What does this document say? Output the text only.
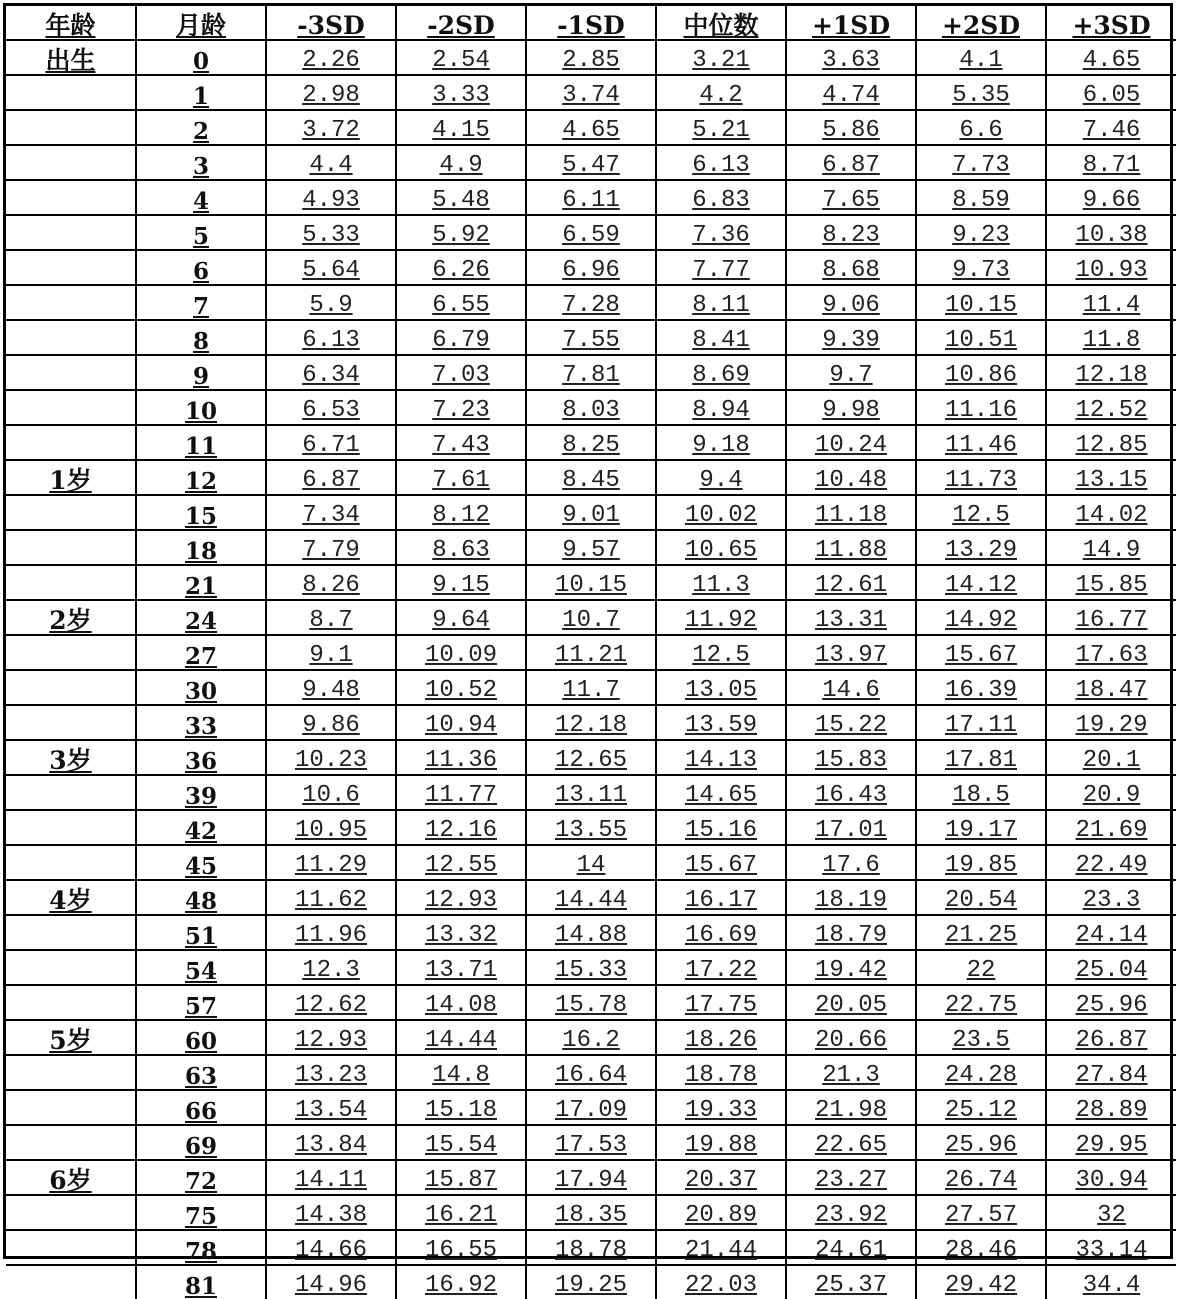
年龄	月龄	-3SD	-2SD	-1SD	中位数	+1SD	+2SD	+3SD
出生	0	2.26	2.54	2.85	3.21	3.63	4.1	4.65
	1	2.98	3.33	3.74	4.2	4.74	5.35	6.05
	2	3.72	4.15	4.65	5.21	5.86	6.6	7.46
	3	4.4	4.9	5.47	6.13	6.87	7.73	8.71
	4	4.93	5.48	6.11	6.83	7.65	8.59	9.66
	5	5.33	5.92	6.59	7.36	8.23	9.23	10.38
	6	5.64	6.26	6.96	7.77	8.68	9.73	10.93
	7	5.9	6.55	7.28	8.11	9.06	10.15	11.4
	8	6.13	6.79	7.55	8.41	9.39	10.51	11.8
	9	6.34	7.03	7.81	8.69	9.7	10.86	12.18
	10	6.53	7.23	8.03	8.94	9.98	11.16	12.52
	11	6.71	7.43	8.25	9.18	10.24	11.46	12.85
1岁	12	6.87	7.61	8.45	9.4	10.48	11.73	13.15
	15	7.34	8.12	9.01	10.02	11.18	12.5	14.02
	18	7.79	8.63	9.57	10.65	11.88	13.29	14.9
	21	8.26	9.15	10.15	11.3	12.61	14.12	15.85
2岁	24	8.7	9.64	10.7	11.92	13.31	14.92	16.77
	27	9.1	10.09	11.21	12.5	13.97	15.67	17.63
	30	9.48	10.52	11.7	13.05	14.6	16.39	18.47
	33	9.86	10.94	12.18	13.59	15.22	17.11	19.29
3岁	36	10.23	11.36	12.65	14.13	15.83	17.81	20.1
	39	10.6	11.77	13.11	14.65	16.43	18.5	20.9
	42	10.95	12.16	13.55	15.16	17.01	19.17	21.69
	45	11.29	12.55	14	15.67	17.6	19.85	22.49
4岁	48	11.62	12.93	14.44	16.17	18.19	20.54	23.3
	51	11.96	13.32	14.88	16.69	18.79	21.25	24.14
	54	12.3	13.71	15.33	17.22	19.42	22	25.04
	57	12.62	14.08	15.78	17.75	20.05	22.75	25.96
5岁	60	12.93	14.44	16.2	18.26	20.66	23.5	26.87
	63	13.23	14.8	16.64	18.78	21.3	24.28	27.84
	66	13.54	15.18	17.09	19.33	21.98	25.12	28.89
	69	13.84	15.54	17.53	19.88	22.65	25.96	29.95
6岁	72	14.11	15.87	17.94	20.37	23.27	26.74	30.94
	75	14.38	16.21	18.35	20.89	23.92	27.57	32
	78	14.66	16.55	18.78	21.44	24.61	28.46	33.14
	81	14.96	16.92	19.25	22.03	25.37	29.42	34.4
